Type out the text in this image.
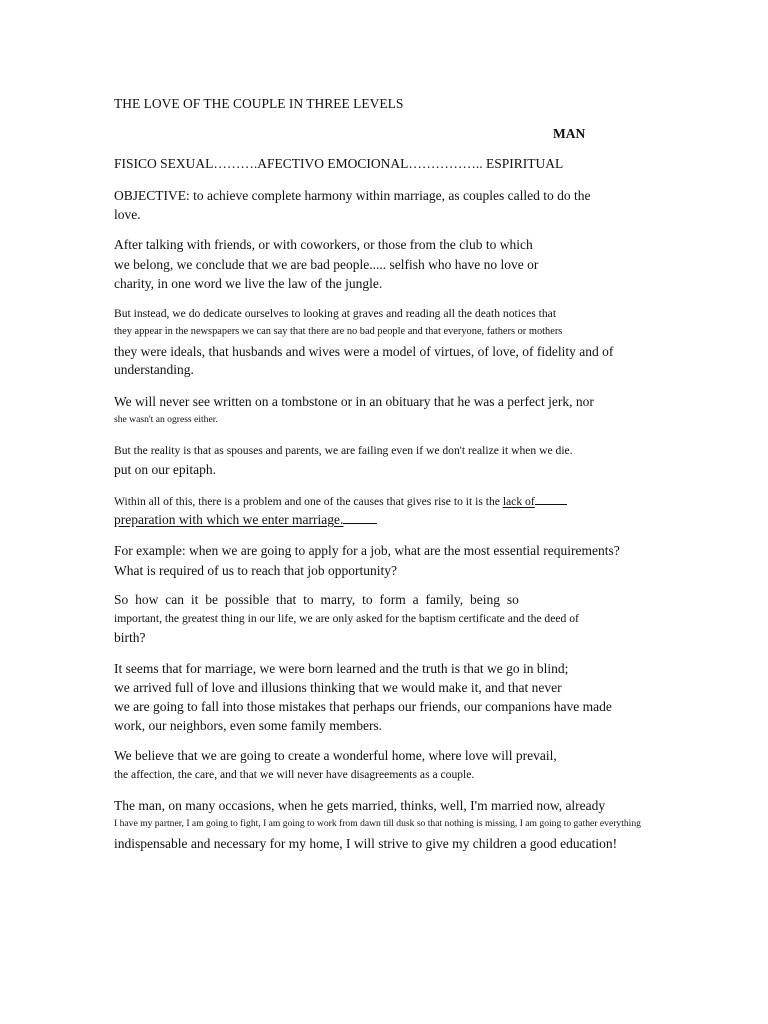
THE LOVE OF THE COUPLE IN THREE LEVELS
MAN
FISICO SEXUAL……….AFECTIVO EMOCIONAL…………….. ESPIRITUAL
OBJECTIVE: to achieve complete harmony within marriage, as couples called to do the
love.
After talking with friends, or with coworkers, or those from the club to which
we belong, we conclude that we are bad people..... selfish who have no love or
charity, in one word we live the law of the jungle.
But instead, we do dedicate ourselves to looking at graves and reading all the death notices that
they appear in the newspapers we can say that there are no bad people and that everyone, fathers or mothers
they were ideals, that husbands and wives were a model of virtues, of love, of fidelity and of
understanding.
We will never see written on a tombstone or in an obituary that he was a perfect jerk, nor
she wasn't an ogress either.
But the reality is that as spouses and parents, we are failing even if we don't realize it when we die.
put on our epitaph.
Within all of this, there is a problem and one of the causes that gives rise to it is the lack of
preparation with which we enter marriage.
For example: when we are going to apply for a job, what are the most essential requirements?
What is required of us to reach that job opportunity?
So how can it be possible that to marry, to form a family, being so
important, the greatest thing in our life, we are only asked for the baptism certificate and the deed of
birth?
It seems that for marriage, we were born learned and the truth is that we go in blind;
we arrived full of love and illusions thinking that we would make it, and that never
we are going to fall into those mistakes that perhaps our friends, our companions have made
work, our neighbors, even some family members.
We believe that we are going to create a wonderful home, where love will prevail,
the affection, the care, and that we will never have disagreements as a couple.
The man, on many occasions, when he gets married, thinks, well, I'm married now, already
I have my partner, I am going to fight, I am going to work from dawn till dusk so that nothing is missing, I am going to gather everything
indispensable and necessary for my home, I will strive to give my children a good education!
